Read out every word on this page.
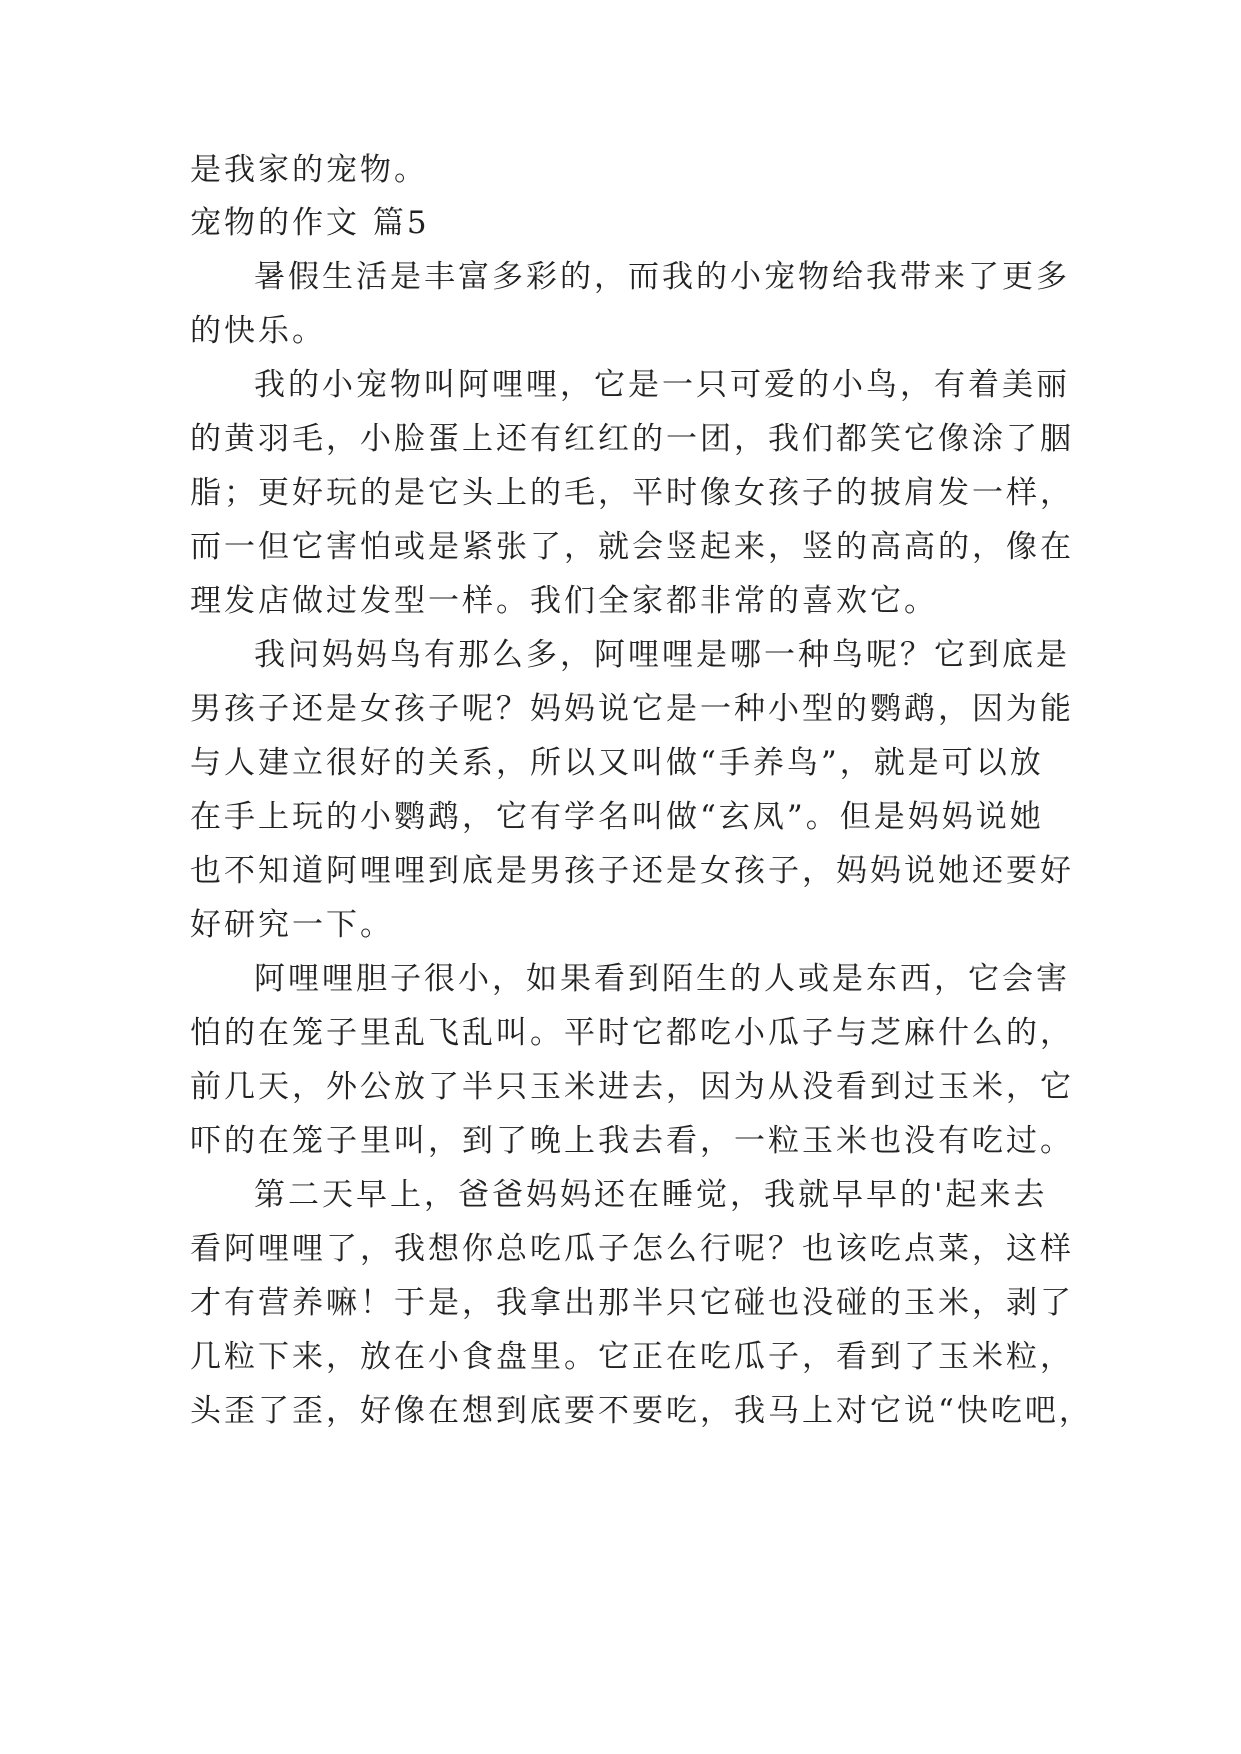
是我家的宠物。
宠物的作文 篇5
暑假生活是丰富多彩的，而我的小宠物给我带来了更多
的快乐。
我的小宠物叫阿哩哩，它是一只可爱的小鸟，有着美丽
的黄羽毛，小脸蛋上还有红红的一团，我们都笑它像涂了胭
脂；更好玩的是它头上的毛，平时像女孩子的披肩发一样，
而一但它害怕或是紧张了，就会竖起来，竖的高高的，像在
理发店做过发型一样。我们全家都非常的喜欢它。
我问妈妈鸟有那么多，阿哩哩是哪一种鸟呢？它到底是
男孩子还是女孩子呢？妈妈说它是一种小型的鹦鹉，因为能
与人建立很好的关系，所以又叫做“手养鸟”，就是可以放
在手上玩的小鹦鹉，它有学名叫做“玄凤”。但是妈妈说她
也不知道阿哩哩到底是男孩子还是女孩子，妈妈说她还要好
好研究一下。
阿哩哩胆子很小，如果看到陌生的人或是东西，它会害
怕的在笼子里乱飞乱叫。平时它都吃小瓜子与芝麻什么的，
前几天，外公放了半只玉米进去，因为从没看到过玉米，它
吓的在笼子里叫，到了晚上我去看，一粒玉米也没有吃过。
第二天早上，爸爸妈妈还在睡觉，我就早早的'起来去
看阿哩哩了，我想你总吃瓜子怎么行呢？也该吃点菜，这样
才有营养嘛！于是，我拿出那半只它碰也没碰的玉米，剥了
几粒下来，放在小食盘里。它正在吃瓜子，看到了玉米粒，
头歪了歪，好像在想到底要不要吃，我马上对它说“快吃吧，
